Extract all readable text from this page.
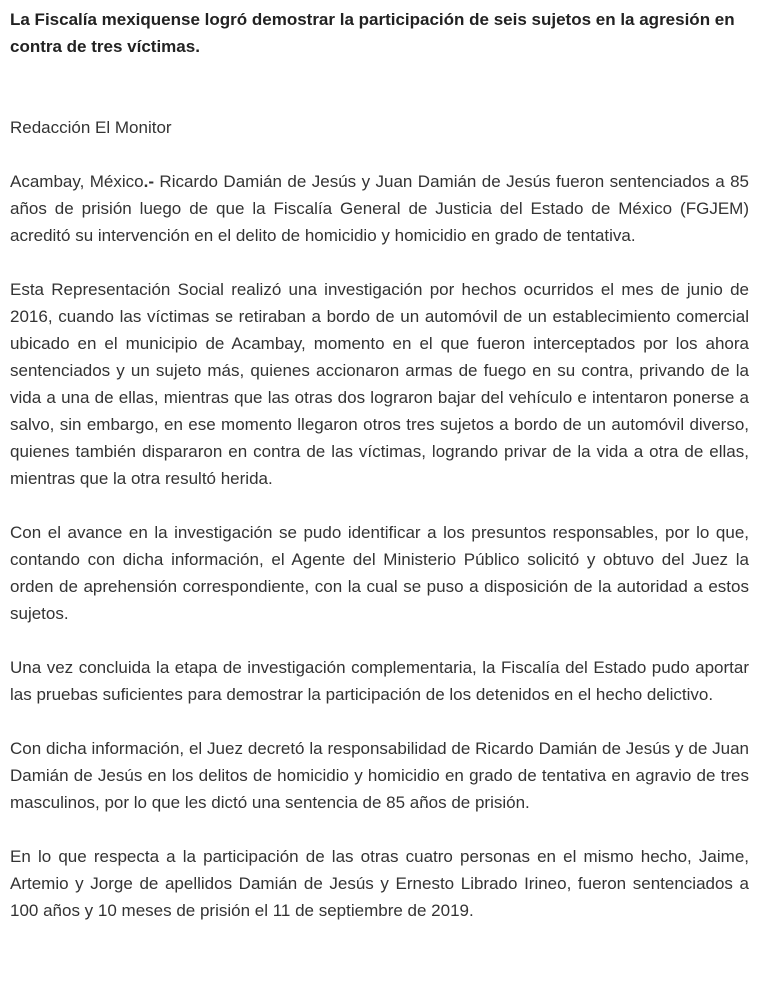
La Fiscalía mexiquense logró demostrar la participación de seis sujetos en la agresión en contra de tres víctimas.

Redacción El Monitor

Acambay, México.- Ricardo Damián de Jesús y Juan Damián de Jesús fueron sentenciados a 85 años de prisión luego de que la Fiscalía General de Justicia del Estado de México (FGJEM) acreditó su intervención en el delito de homicidio y homicidio en grado de tentativa.

Esta Representación Social realizó una investigación por hechos ocurridos el mes de junio de 2016, cuando las víctimas se retiraban a bordo de un automóvil de un establecimiento comercial ubicado en el municipio de Acambay, momento en el que fueron interceptados por los ahora sentenciados y un sujeto más, quienes accionaron armas de fuego en su contra, privando de la vida a una de ellas, mientras que las otras dos lograron bajar del vehículo e intentaron ponerse a salvo, sin embargo, en ese momento llegaron otros tres sujetos a bordo de un automóvil diverso, quienes también dispararon en contra de las víctimas, logrando privar de la vida a otra de ellas, mientras que la otra resultó herida.

Con el avance en la investigación se pudo identificar a los presuntos responsables, por lo que, contando con dicha información, el Agente del Ministerio Público solicitó y obtuvo del Juez la orden de aprehensión correspondiente, con la cual se puso a disposición de la autoridad a estos sujetos.

Una vez concluida la etapa de investigación complementaria, la Fiscalía del Estado pudo aportar las pruebas suficientes para demostrar la participación de los detenidos en el hecho delictivo.

Con dicha información, el Juez decretó la responsabilidad de Ricardo Damián de Jesús y de Juan Damián de Jesús en los delitos de homicidio y homicidio en grado de tentativa en agravio de tres masculinos, por lo que les dictó una sentencia de 85 años de prisión.

En lo que respecta a la participación de las otras cuatro personas en el mismo hecho, Jaime, Artemio y Jorge de apellidos Damián de Jesús y Ernesto Librado Irineo, fueron sentenciados a 100 años y 10 meses de prisión el 11 de septiembre de 2019.
